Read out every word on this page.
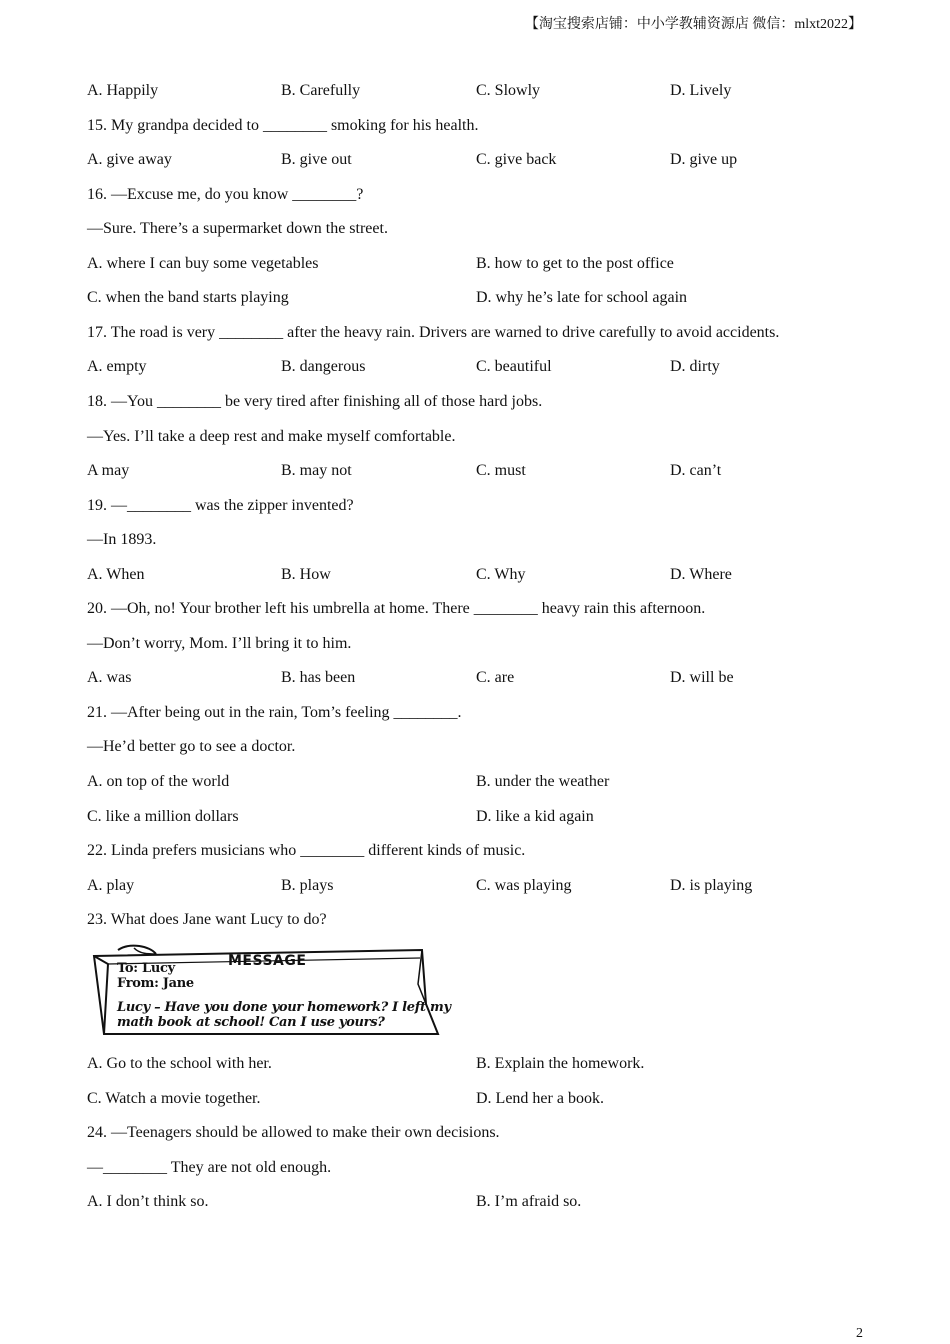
【淘宝搜索店铺：中小学教辅资源店 微信：mlxt2022】
A. Happily	B. Carefully	C. Slowly	D. Lively
15. My grandpa decided to ________ smoking for his health.
A. give away	B. give out	C. give back	D. give up
16. —Excuse me, do you know ________?
—Sure. There’s a supermarket down the street.
A. where I can buy some vegetables	B. how to get to the post office
C. when the band starts playing	D. why he’s late for school again
17. The road is very ________ after the heavy rain. Drivers are warned to drive carefully to avoid accidents.
A. empty	B. dangerous	C. beautiful	D. dirty
18. —You ________ be very tired after finishing all of those hard jobs.
—Yes. I’ll take a deep rest and make myself comfortable.
A may	B. may not	C. must	D. can’t
19. —________ was the zipper invented?
—In 1893.
A. When	B. How	C. Why	D. Where
20. —Oh, no! Your brother left his umbrella at home. There ________ heavy rain this afternoon.
—Don’t worry, Mom. I’ll bring it to him.
A. was	B. has been	C. are	D. will be
21. —After being out in the rain, Tom’s feeling ________.
—He’d better go to see a doctor.
A. on top of the world	B. under the weather
C. like a million dollars	D. like a kid again
22. Linda prefers musicians who ________ different kinds of music.
A. play	B. plays	C. was playing	D. is playing
23. What does Jane want Lucy to do?
MESSAGE
To: Lucy
From: Jane
Lucy – Have you done your homework? I left my
math book at school! Can I use yours?
A. Go to the school with her.	B. Explain the homework.
C. Watch a movie together.	D. Lend her a book.
24. —Teenagers should be allowed to make their own decisions.
—________ They are not old enough.
A. I don’t think so.	B. I’m afraid so.
2
